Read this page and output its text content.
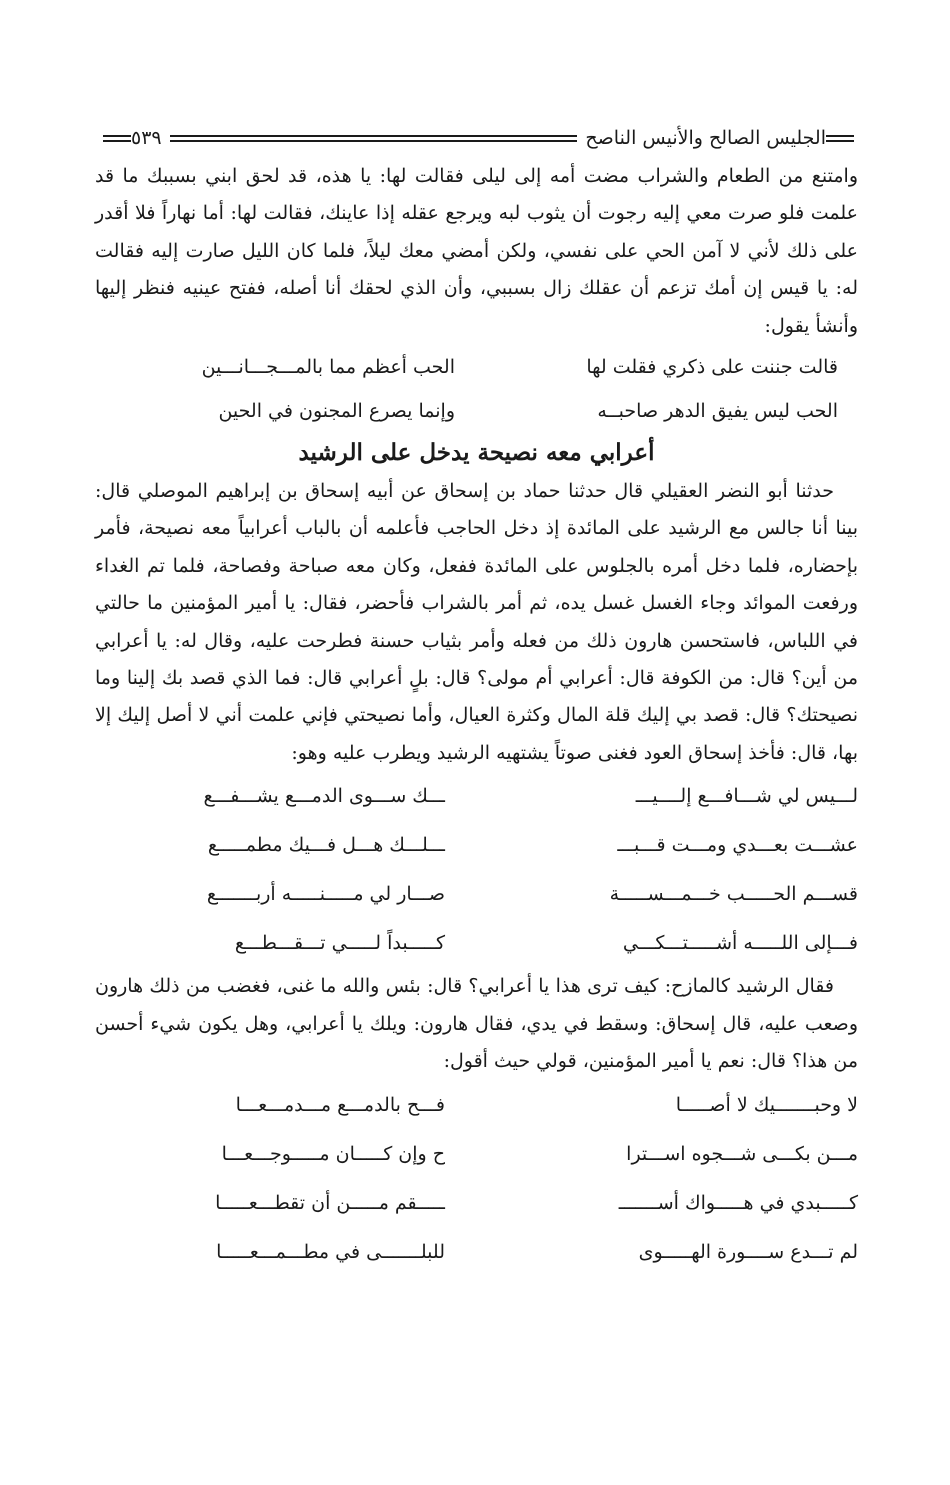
الجليس الصالح والأنيس الناصح
٥٣٩

وامتنع من الطعام والشراب مضت أمه إلى ليلى فقالت لها: يا هذه، قد لحق ابني بسببك ما قد علمت فلو صرت معي إليه رجوت أن يثوب لبه ويرجع عقله إذا عاينك، فقالت لها: أما نهاراً فلا أقدر على ذلك لأني لا آمن الحي على نفسي، ولكن أمضي معك ليلاً، فلما كان الليل صارت إليه فقالت له: يا قيس إن أمك تزعم أن عقلك زال بسببي، وأن الذي لحقك أنا أصله، ففتح عينيه فنظر إليها وأنشأ يقول:

قالت جننت على ذكري فقلت لها
الحب أعظم مما بالمـــجـــانـــين
الحب ليس يفيق الدهر صاحبــه
وإنما يصرع المجنون في الحين
أعرابي معه نصيحة يدخل على الرشيد

حدثنا أبو النضر العقيلي قال حدثنا حماد بن إسحاق عن أبيه إسحاق بن إبراهيم الموصلي قال: بينا أنا جالس مع الرشيد على المائدة إذ دخل الحاجب فأعلمه أن بالباب أعرابياً معه نصيحة، فأمر بإحضاره، فلما دخل أمره بالجلوس على المائدة ففعل، وكان معه صباحة وفصاحة، فلما تم الغداء ورفعت الموائد وجاء الغسل غسل يده، ثم أمر بالشراب فأحضر، فقال: يا أمير المؤمنين ما حالتي في اللباس، فاستحسن هارون ذلك من فعله وأمر بثياب حسنة فطرحت عليه، وقال له: يا أعرابي من أين؟ قال: من الكوفة قال: أعرابي أم مولى؟ قال: بلٍ أعرابي قال: فما الذي قصد بك إلينا وما نصيحتك؟ قال: قصد بي إليك قلة المال وكثرة العيال، وأما نصيحتي فإني علمت أني لا أصل إليك إلا بها، قال: فأخذ إسحاق العود فغنى صوتاً يشتهيه الرشيد ويطرب عليه وهو:

لـــيس لي شـــافـــع إلــــيـــ
ـــك ســـوى الدمـــع يشـــفـــع
عشـــت بعـــدي ومـــت قـــبـــ
ـــلـــك هـــل فـــيك مطمـــــع
قســـم الحـــــب خـــمـــســـــة
صـــار لي مـــــنـــــه أربـــــــع
فـــإلى اللـــــه أشـــــتـــكـــي
كـــــبداً لـــــي تـــقـــطـــع

فقال الرشيد كالمازح: كيف ترى هذا يا أعرابي؟ قال: بئس والله ما غنى، فغضب من ذلك هارون وصعب عليه، قال إسحاق: وسقط في يدي، فقال هارون: ويلك يا أعرابي، وهل يكون شيء أحسن من هذا؟ قال: نعم يا أمير المؤمنين، قولي حيث أقول:

لا وحبـــــــيك لا أصـــــا
فـــح بالدمـــع مـــدمـــعـــا
مـــن بكـــى شـــجوه اســـترا
ح وإن كـــــان مـــــوجـــعـــا
كـــــبدي في هـــــواك أســـــــ
ـــــقم مـــــن أن تقطـــعـــــا
لم تـــدع ســــورة الهـــــوى
للبلـــــــى في مطـــمـــعـــــا
